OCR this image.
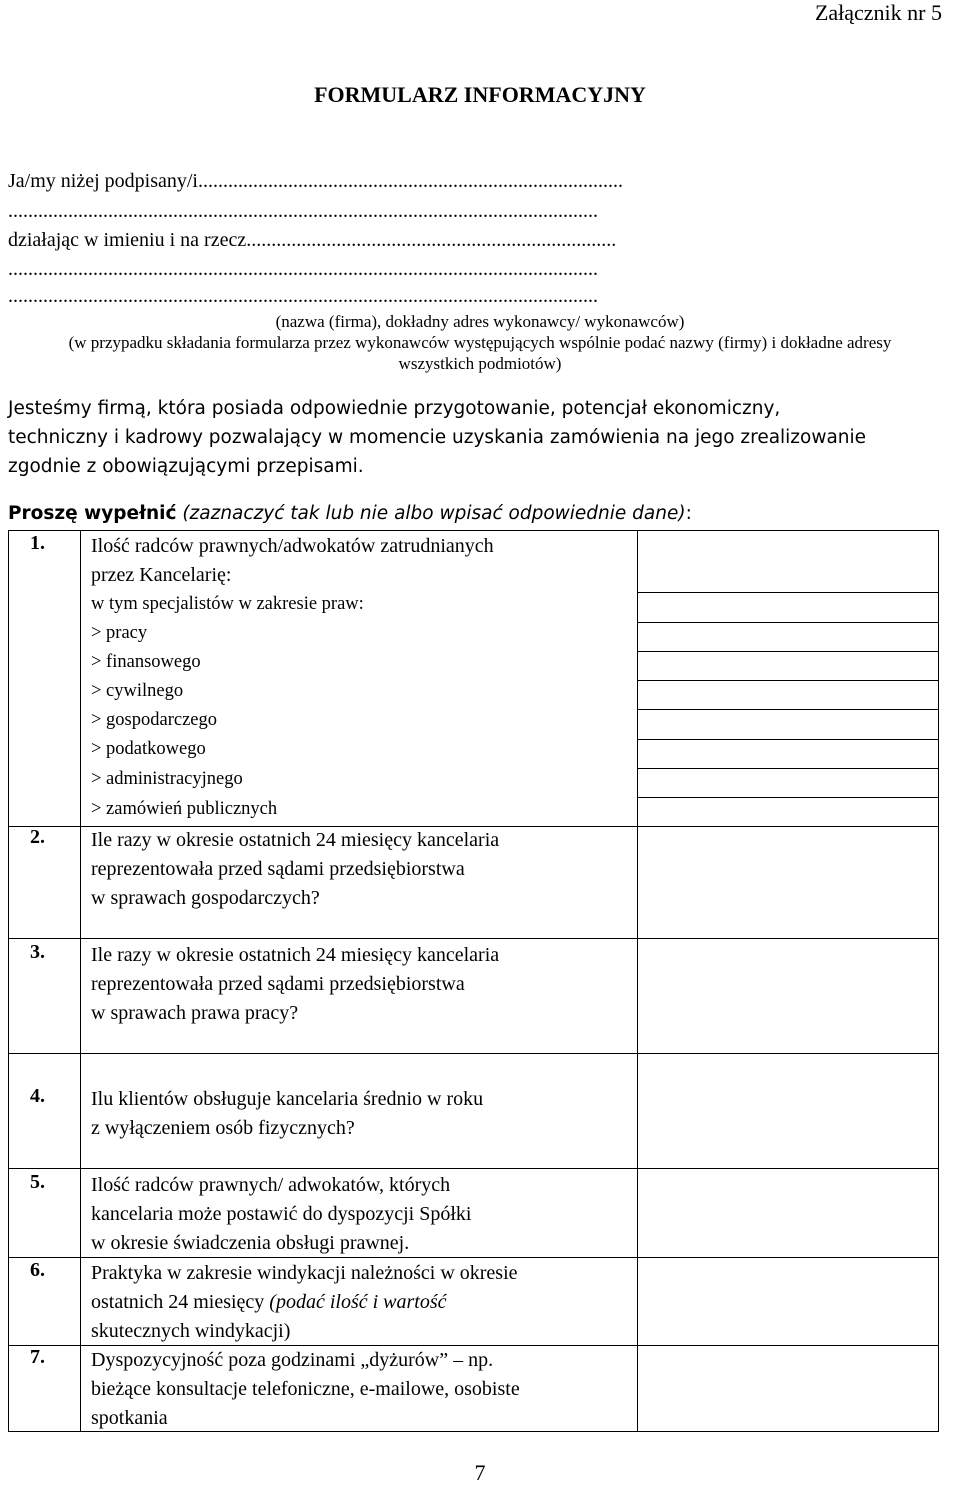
Załącznik nr 5
FORMULARZ INFORMACYJNY
Ja/my niżej podpisany/i.....................................................................................
......................................................................................................................
działając w imieniu i na rzecz..........................................................................
......................................................................................................................
......................................................................................................................
(nazwa (firma), dokładny adres wykonawcy/ wykonawców)
(w przypadku składania formularza przez wykonawców występujących wspólnie podać nazwy (firmy) i dokładne adresy
wszystkich podmiotów)
Jesteśmy firmą, która posiada odpowiednie przygotowanie, potencjał ekonomiczny,
techniczny i kadrowy pozwalający w momencie uzyskania zamówienia na jego zrealizowanie
zgodnie z obowiązującymi przepisami.
Proszę wypełnić (zaznaczyć tak lub nie albo wpisać odpowiednie dane):
1. Ilość radców prawnych/adwokatów zatrudnianych
przez Kancelarię:
w tym specjalistów w zakresie praw:
> pracy
> finansowego
> cywilnego
> gospodarczego
> podatkowego
> administracyjnego
> zamówień publicznych
2. Ile razy w okresie ostatnich 24 miesięcy kancelaria
reprezentowała przed sądami przedsiębiorstwa
w sprawach gospodarczych?
3. Ile razy w okresie ostatnich 24 miesięcy kancelaria
reprezentowała przed sądami przedsiębiorstwa
w sprawach prawa pracy?
4. Ilu klientów obsługuje kancelaria średnio w roku
z wyłączeniem osób fizycznych?
5. Ilość radców prawnych/ adwokatów, których
kancelaria może postawić do dyspozycji Spółki
w okresie świadczenia obsługi prawnej.
6. Praktyka w zakresie windykacji należności w okresie
ostatnich 24 miesięcy (podać ilość i wartość
skutecznych windykacji)
7. Dyspozycyjność poza godzinami „dyżurów” – np.
bieżące konsultacje telefoniczne, e-mailowe, osobiste
spotkania
7
